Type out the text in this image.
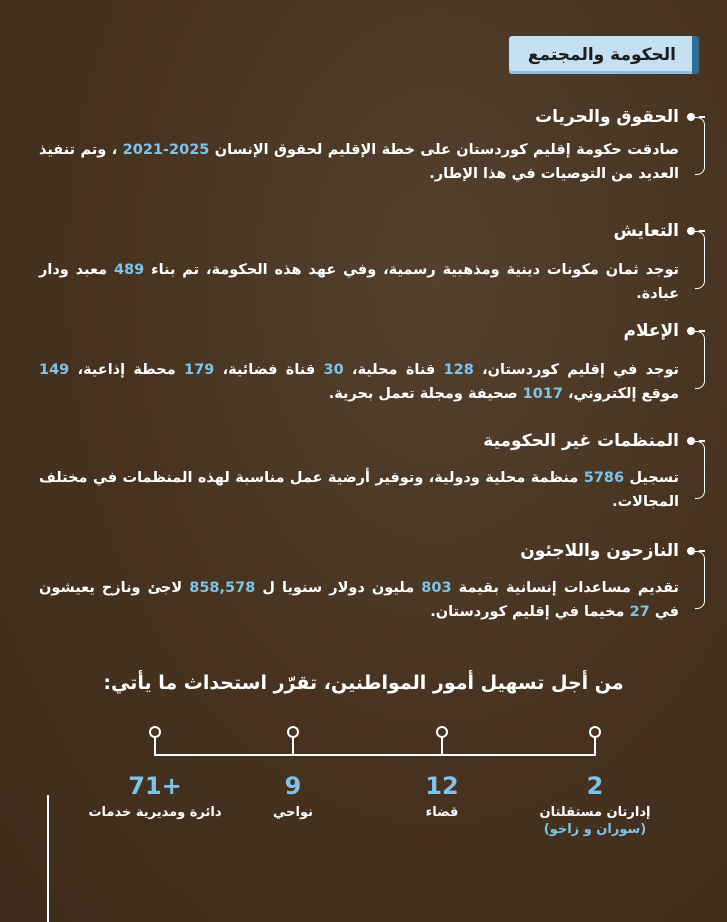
الحكومة والمجتمع
الحقوق والحريات
صادقت حكومة إقليم كوردستان على خطة الإقليم لحقوق الإنسان 2025-2021 ، وتم تنفيذ العديد من التوصيات في هذا الإطار.
التعايش
توجد ثمان مكونات دينية ومذهبية رسمية، وفي عهد هذه الحكومة، تم بناء 489 معبد ودار عبادة.
الإعلام
توجد في إقليم كوردستان، 128 قناة محلية، 30 قناة فضائية، 179 محطة إذاعية، 149 موقع إلكتروني، 1017 صحيفة ومجلة تعمل بحرية.
المنظمات غير الحكومية
تسجيل 5786 منظمة محلية ودولية، وتوفير أرضية عمل مناسبة لهذه المنظمات في مختلف المجالات.
النازحون واللاجئون
تقديم مساعدات إنسانية بقيمة 803 مليون دولار سنويا ل 858,578 لاجئ ونازح يعيشون في 27 مخيما في إقليم كوردستان.
من أجل تسهيل أمور المواطنين، تقرّر استحداث ما يأتي:
2
إدارتان مستقلتان
(سوران و زاخو)
12
قضاء
9
نواحي
71+
دائرة ومديرية خدمات
